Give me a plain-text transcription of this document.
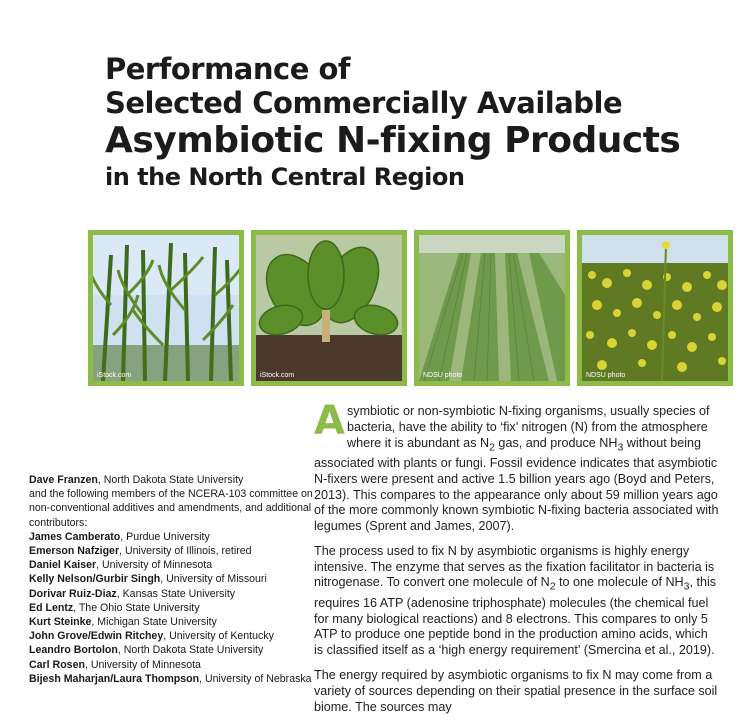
Performance of
Selected Commercially Available
Asymbiotic N-fixing Products
in the North Central Region
iStock.com	iStock.com	NDSU photo	NDSU photo

Dave Franzen, North Dakota State University

and the following members of the NCERA-103 committee on non-conventional additives and amendments, and additional contributors:

James Camberato, Purdue University

Emerson Nafziger, University of Illinois, retired

Daniel Kaiser, University of Minnesota

Kelly Nelson/Gurbir Singh, University of Missouri

Dorivar Ruiz-Diaz, Kansas State University

Ed Lentz, The Ohio State University

Kurt Steinke, Michigan State University

John Grove/Edwin Ritchey, University of Kentucky

Leandro Bortolon, North Dakota State University

Carl Rosen, University of Minnesota

Bijesh Maharjan/Laura Thompson, University of Nebraska

Asymbiotic or non-symbiotic N-fixing organisms, usually species of bacteria, have the ability to ‘fix’ nitrogen (N) from the atmosphere where it is abundant as $N_2$ gas, and produce $NH_3$ without being associated with plants or fungi. Fossil evidence indicates that asymbiotic N-fixers were present and active 1.5 billion years ago (Boyd and Peters, 2013). This compares to the appearance only about 59 million years ago of the more commonly known symbiotic N-fixing bacteria associated with legumes (Sprent and James, 2007).

The process used to fix N by asymbiotic organisms is highly energy intensive. The enzyme that serves as the fixation facilitator in bacteria is nitrogenase. To convert one molecule of $N_2$ to one molecule of $NH_3$, this requires 16 ATP (adenosine triphosphate) molecules (the chemical fuel for many biological reactions) and 8 electrons. This compares to only 5 ATP to produce one peptide bond in the production amino acids, which is classified itself as a ‘high energy requirement’ (Smercina et al., 2019).

The energy required by asymbiotic organisms to fix N may come from a variety of sources depending on their spatial presence in the surface soil biome. The sources may
